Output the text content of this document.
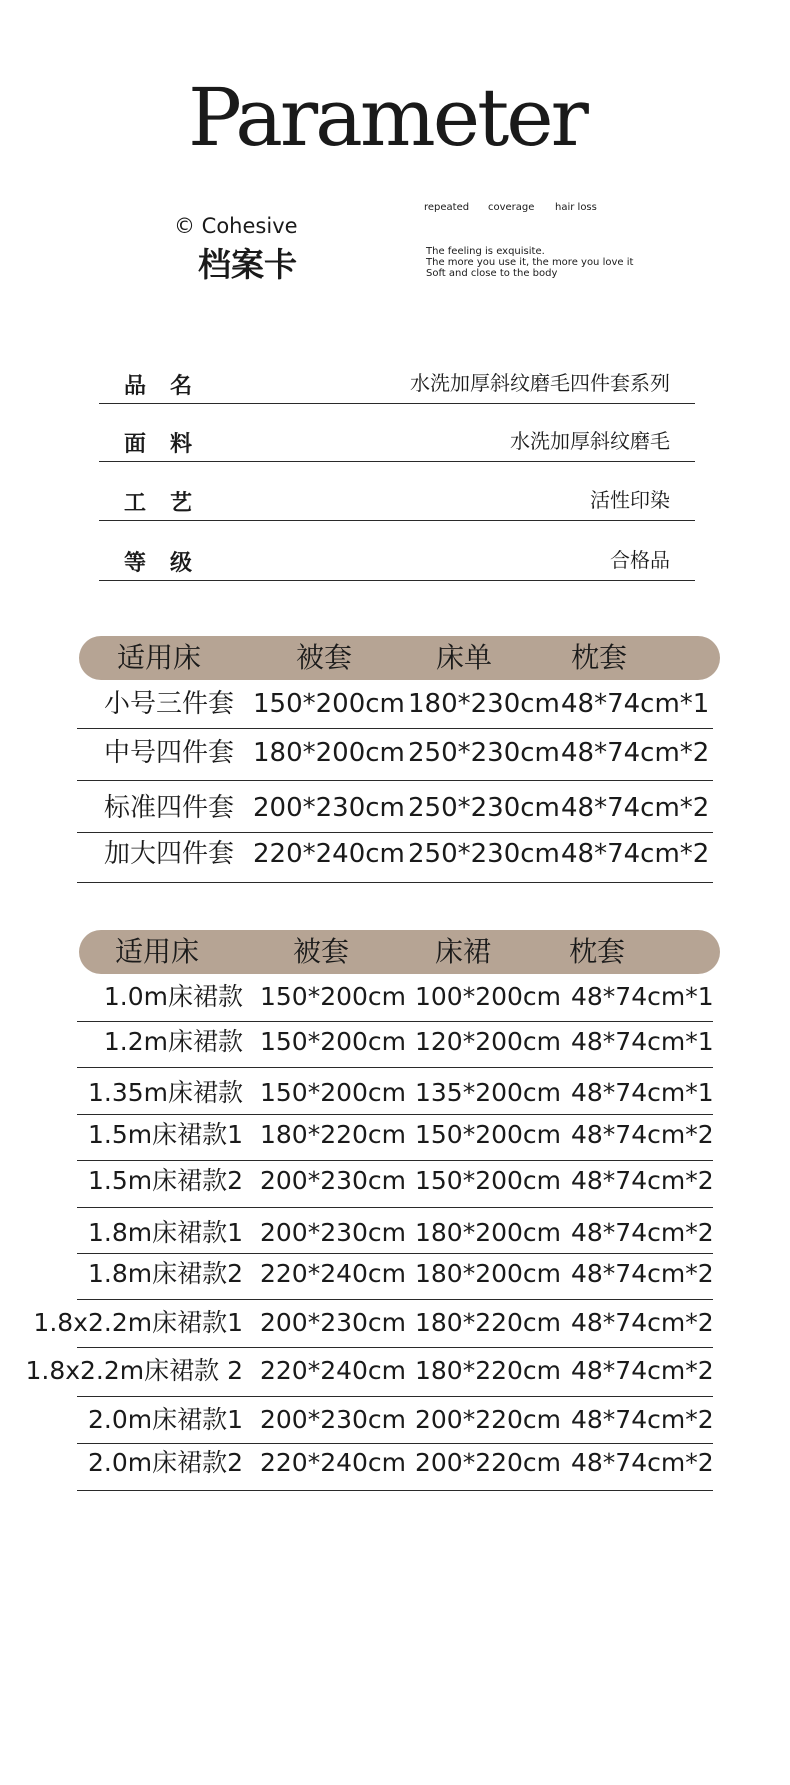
Parameter
© Cohesive
档案卡
repeated coverage hair loss
The feeling is exquisite.
The more you use it, the more you love it
Soft and close to the body
品名	水洗加厚斜纹磨毛四件套系列
面料	水洗加厚斜纹磨毛
工艺	活性印染
等级	合格品
适用床	被套	床单	枕套
小号三件套 150*200cm 180*230cm 48*74cm*1
中号四件套 180*200cm 250*230cm 48*74cm*2
标准四件套 200*230cm 250*230cm 48*74cm*2
加大四件套 220*240cm 250*230cm 48*74cm*2
适用床	被套	床裙	枕套
1.0m床裙款 150*200cm 100*200cm 48*74cm*1
1.2m床裙款 150*200cm 120*200cm 48*74cm*1
1.35m床裙款 150*200cm 135*200cm 48*74cm*1
1.5m床裙款1 180*220cm 150*200cm 48*74cm*2
1.5m床裙款2 200*230cm 150*200cm 48*74cm*2
1.8m床裙款1 200*230cm 180*200cm 48*74cm*2
1.8m床裙款2 220*240cm 180*200cm 48*74cm*2
1.8x2.2m床裙款1 200*230cm 180*220cm 48*74cm*2
1.8x2.2m床裙款 2 220*240cm 180*220cm 48*74cm*2
2.0m床裙款1 200*230cm 200*220cm 48*74cm*2
2.0m床裙款2 220*240cm 200*220cm 48*74cm*2
